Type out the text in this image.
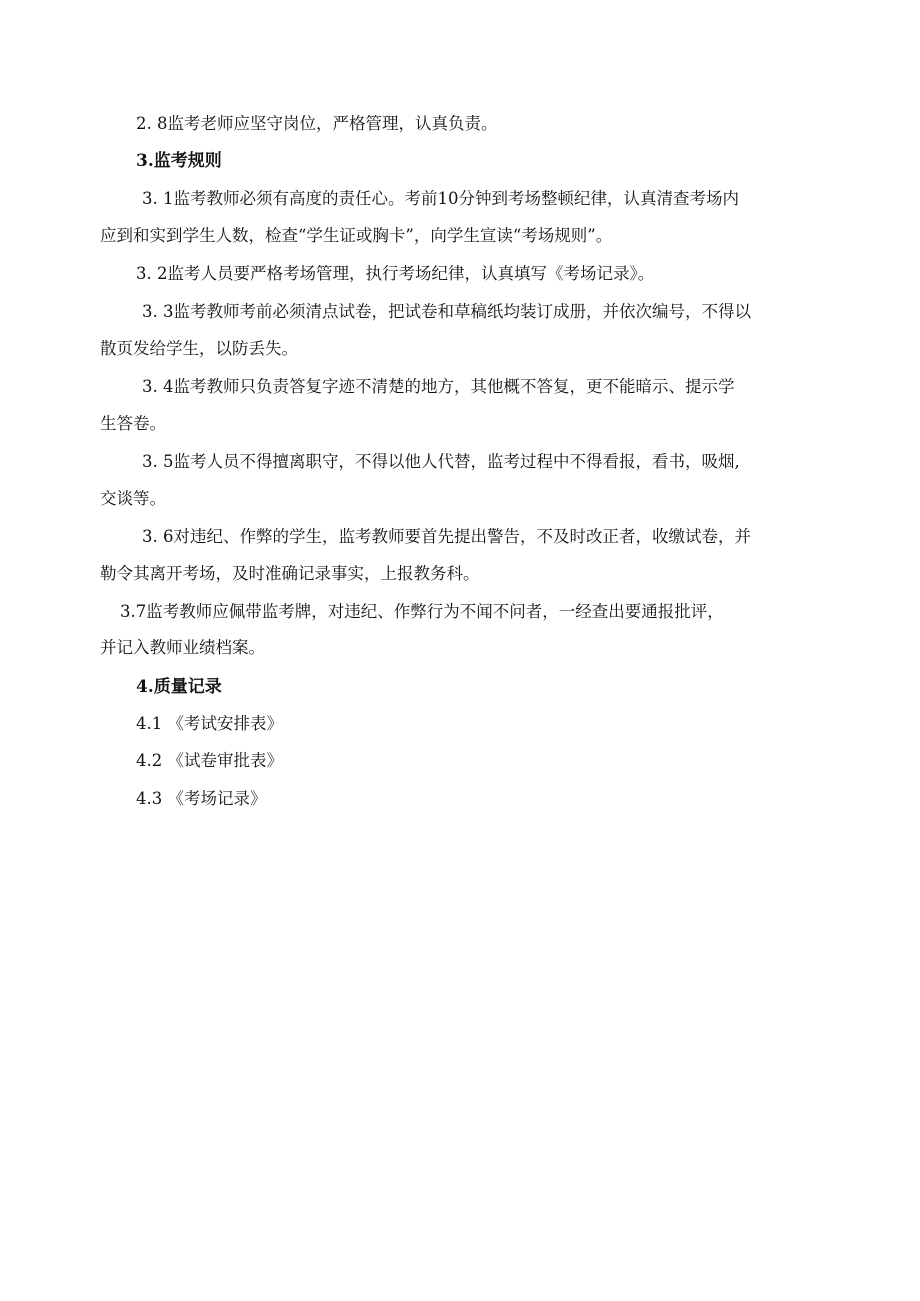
2. 8监考老师应坚守岗位，严格管理，认真负责。
3.监考规则
3. 1监考教师必须有高度的责任心。考前10分钟到考场整顿纪律，认真清查考场内
应到和实到学生人数，检查“学生证或胸卡”，向学生宣读“考场规则”。
3. 2监考人员要严格考场管理，执行考场纪律，认真填写《考场记录》。
3. 3监考教师考前必须清点试卷，把试卷和草稿纸均装订成册，并依次编号，不得以
散页发给学生，以防丢失。
3. 4监考教师只负责答复字迹不清楚的地方，其他概不答复，更不能暗示、提示学
生答卷。
3. 5监考人员不得擅离职守，不得以他人代替，监考过程中不得看报，看书，吸烟,
交谈等。
3. 6对违纪、作弊的学生，监考教师要首先提出警告，不及时改正者，收缴试卷，并
勒令其离开考场，及时准确记录事实，上报教务科。
3.7监考教师应佩带监考牌，对违纪、作弊行为不闻不问者，一经查出要通报批评，
并记入教师业绩档案。
4.质量记录
4.1 《考试安排表》
4.2 《试卷审批表》
4.3 《考场记录》
